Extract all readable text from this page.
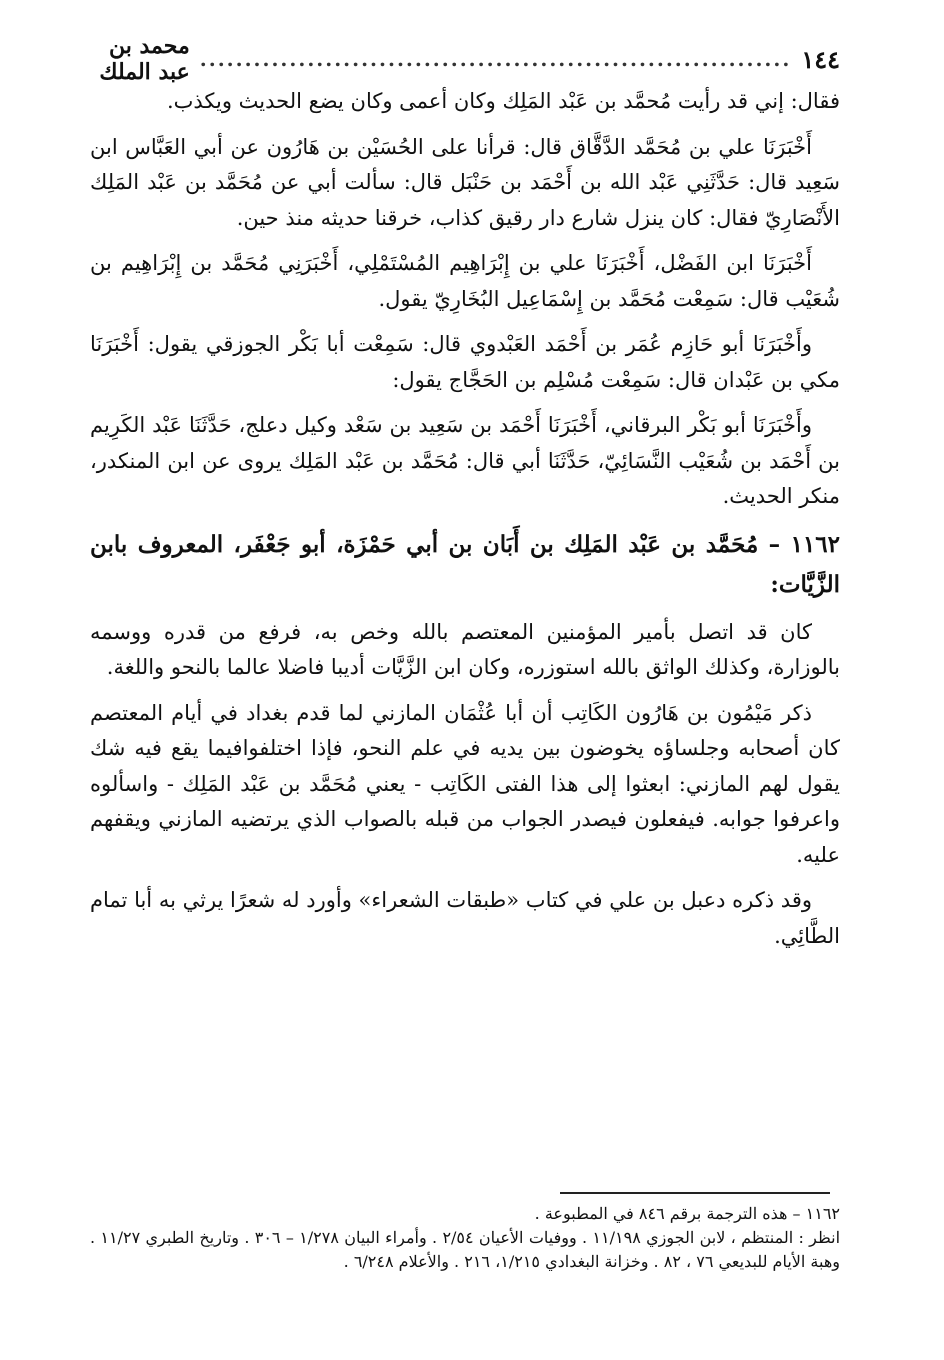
١٤٤
..................................................................
محمد بن عبد الملك

فقال: إني قد رأيت مُحمَّد بن عَبْد المَلِك وكان أعمى وكان يضع الحديث ويكذب.

أَخْبَرَنَا علي بن مُحَمَّد الدَّقَّاق قال: قرأنا على الحُسَيْن بن هَارُون عن أبي العَبَّاس ابن سَعِيد قال: حَدَّثَنِي عَبْد الله بن أَحْمَد بن حَنْبَل قال: سألت أبي عن مُحَمَّد بن عَبْد المَلِك الأَنْصَارِيّ فقال: كان ينزل شارع دار رقيق كذاب، خرقنا حديثه منذ حين.

أَخْبَرَنَا ابن الفَضْل، أَخْبَرَنَا علي بن إِبْرَاهِيم المُسْتَمْلِي، أَخْبَرَنِي مُحَمَّد بن إِبْرَاهِيم بن شُعَيْب قال: سَمِعْت مُحَمَّد بن إِسْمَاعِيل البُخَارِيّ يقول.

وأَخْبَرَنَا أبو حَازِم عُمَر بن أَحْمَد العَبْدوي قال: سَمِعْت أبا بَكْر الجوزقي يقول: أَخْبَرَنَا مكي بن عَبْدان قال: سَمِعْت مُسْلِم بن الحَجَّاج يقول:

وأَخْبَرَنَا أبو بَكْر البرقاني، أَخْبَرَنَا أَحْمَد بن سَعِيد بن سَعْد وكيل دعلج، حَدَّثَنَا عَبْد الكَرِيم بن أَحْمَد بن شُعَيْب النَّسَائِيّ، حَدَّثَنَا أبي قال: مُحَمَّد بن عَبْد المَلِك يروى عن ابن المنكدر، منكر الحديث.

١١٦٢ – مُحَمَّد بن عَبْد المَلِك بن أَبَان بن أبي حَمْزَة، أبو جَعْفَر، المعروف بابن الزَّيَّات:

كان قد اتصل بأمير المؤمنين المعتصم بالله وخص به، فرفع من قدره ووسمه بالوزارة، وكذلك الواثق بالله استوزره، وكان ابن الزَّيَّات أديبا فاضلا عالما بالنحو واللغة.

ذكر مَيْمُون بن هَارُون الكَاتِب أن أبا عُثْمَان المازني لما قدم بغداد في أيام المعتصم كان أصحابه وجلساؤه يخوضون بين يديه في علم النحو، فإذا اختلفوافيما يقع فيه شك يقول لهم المازني: ابعثوا إلى هذا الفتى الكَاتِب - يعني مُحَمَّد بن عَبْد المَلِك - واسألوه واعرفوا جوابه. فيفعلون فيصدر الجواب من قبله بالصواب الذي يرتضيه المازني ويقفهم عليه.

وقد ذكره دعبل بن علي في كتاب «طبقات الشعراء» وأورد له شعرًا يرثي به أبا تمام الطَّائِي.

١١٦٢ – هذه الترجمة برقم ٨٤٦ في المطبوعة .

انظر : المنتظم ، لابن الجوزي ١١/١٩٨ . ووفيات الأعيان ٢/٥٤ . وأمراء البيان ١/٢٧٨ – ٣٠٦ . وتاريخ الطبري ١١/٢٧ . وهبة الأيام للبديعي ٧٦ ، ٨٢ . وخزانة البغدادي ١/٢١٥، ٢١٦ . والأعلام ٦/٢٤٨ .
